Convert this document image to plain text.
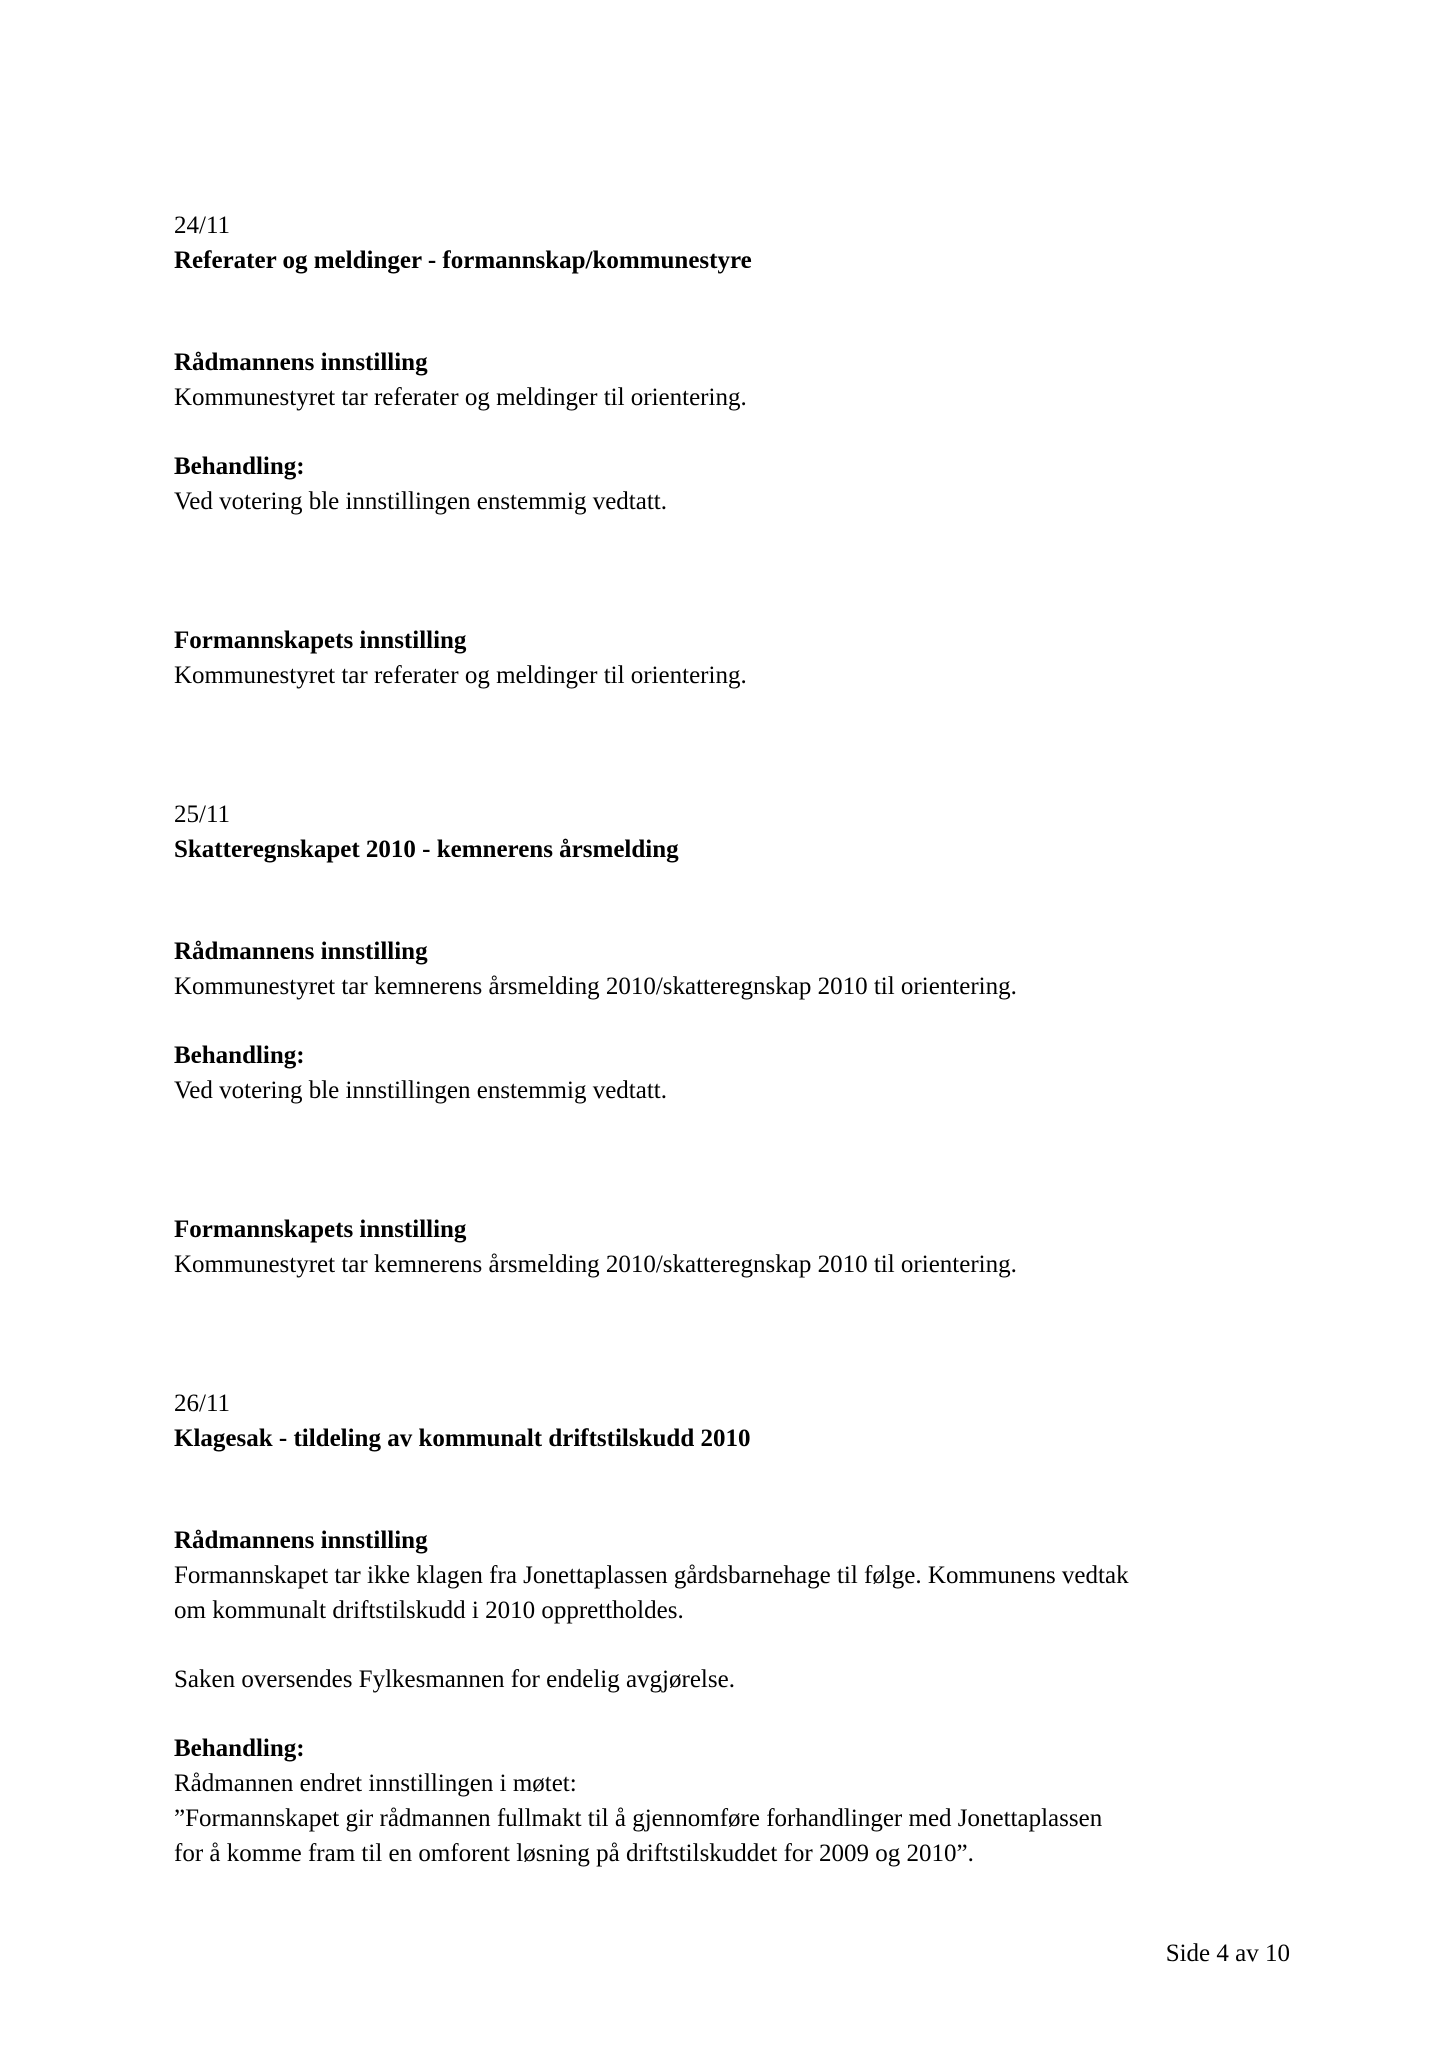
24/11
Referater og meldinger - formannskap/kommunestyre
Rådmannens innstilling
Kommunestyret tar referater og meldinger til orientering.
Behandling:
Ved votering ble innstillingen enstemmig vedtatt.
Formannskapets innstilling
Kommunestyret tar referater og meldinger til orientering.
25/11
Skatteregnskapet 2010 - kemnerens årsmelding
Rådmannens innstilling
Kommunestyret tar kemnerens årsmelding 2010/skatteregnskap 2010 til orientering.
Behandling:
Ved votering ble innstillingen enstemmig vedtatt.
Formannskapets innstilling
Kommunestyret tar kemnerens årsmelding 2010/skatteregnskap 2010 til orientering.
26/11
Klagesak - tildeling av kommunalt driftstilskudd 2010
Rådmannens innstilling
Formannskapet tar ikke klagen fra Jonettaplassen gårdsbarnehage til følge. Kommunens vedtak
om kommunalt driftstilskudd i 2010 opprettholdes.
Saken oversendes Fylkesmannen for endelig avgjørelse.
Behandling:
Rådmannen endret innstillingen i møtet:
”Formannskapet gir rådmannen fullmakt til å gjennomføre forhandlinger med Jonettaplassen
for å komme fram til en omforent løsning på driftstilskuddet for 2009 og 2010”.
Side 4 av 10
